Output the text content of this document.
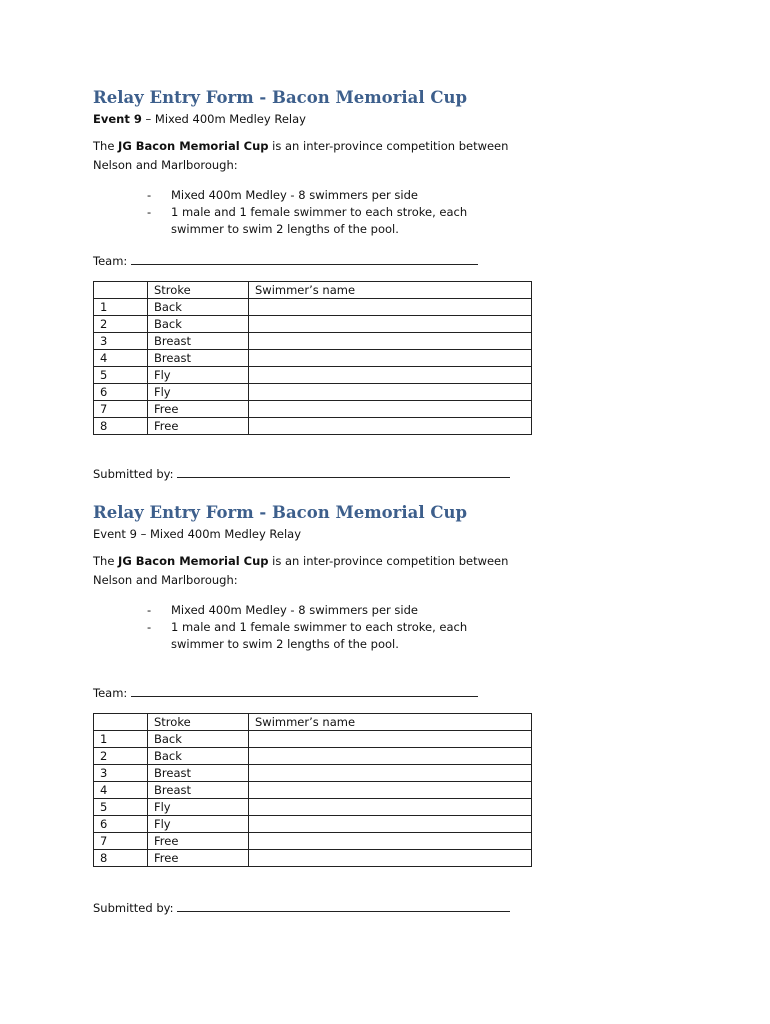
Relay Entry Form - Bacon Memorial Cup
Event 9 – Mixed 400m Medley Relay

The JG Bacon Memorial Cup is an inter-province competition between Nelson and Marlborough:

- Mixed 400m Medley - 8 swimmers per side
- 1 male and 1 female swimmer to each stroke, each swimmer to swim 2 lengths of the pool.
Team:
	Stroke	Swimmer’s name
1	Back	
2	Back	
3	Breast	
4	Breast	
5	Fly	
6	Fly	
7	Free	
8	Free	
Submitted by:
Relay Entry Form - Bacon Memorial Cup
Event 9 – Mixed 400m Medley Relay

The JG Bacon Memorial Cup is an inter-province competition between Nelson and Marlborough:

- Mixed 400m Medley - 8 swimmers per side
- 1 male and 1 female swimmer to each stroke, each swimmer to swim 2 lengths of the pool.
Team:
	Stroke	Swimmer’s name
1	Back	
2	Back	
3	Breast	
4	Breast	
5	Fly	
6	Fly	
7	Free	
8	Free	
Submitted by:
